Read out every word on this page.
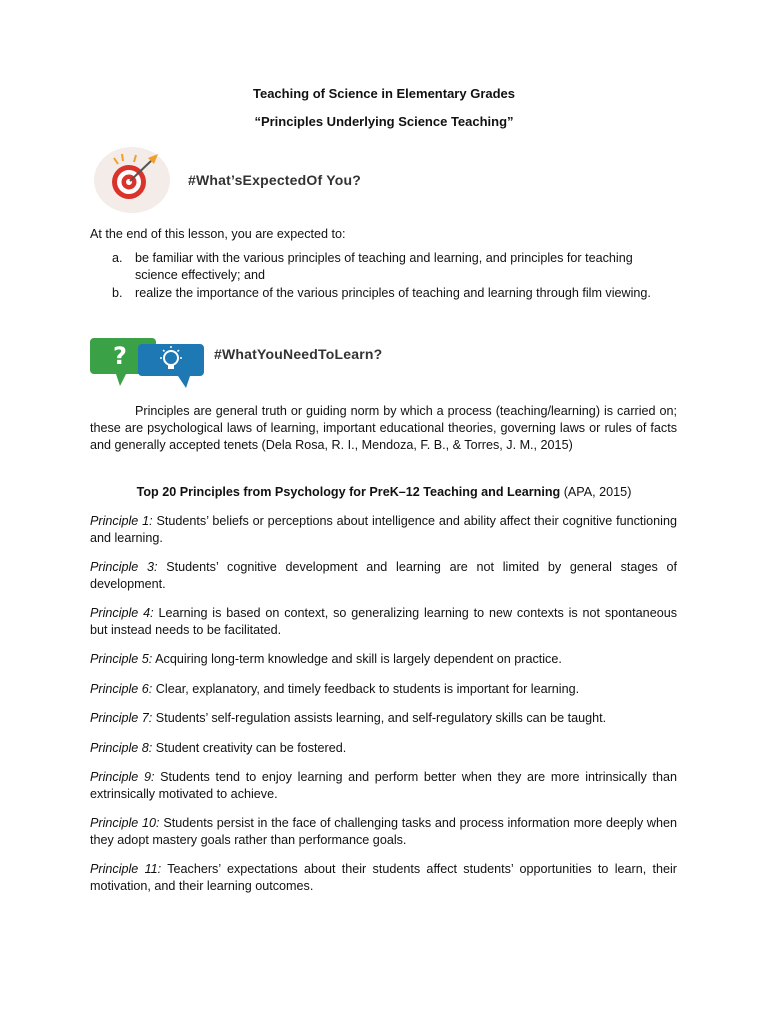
Teaching of Science in Elementary Grades
“Principles Underlying Science Teaching”
#What’sExpectedOf You?
At the end of this lesson, you are expected to:
a. be familiar with the various principles of teaching and learning, and principles for teaching science effectively; and
b. realize the importance of the various principles of teaching and learning through film viewing.
?	#WhatYouNeedToLearn?
Principles are general truth or guiding norm by which a process (teaching/learning) is carried on; these are psychological laws of learning, important educational theories, governing laws or rules of facts and generally accepted tenets (Dela Rosa, R. I., Mendoza, F. B., & Torres, J. M., 2015)
Top 20 Principles from Psychology for PreK–12 Teaching and Learning (APA, 2015)

Principle 1: Students’ beliefs or perceptions about intelligence and ability affect their cognitive functioning and learning.

Principle 3: Students’ cognitive development and learning are not limited by general stages of development.

Principle 4: Learning is based on context, so generalizing learning to new contexts is not spontaneous but instead needs to be facilitated.

Principle 5: Acquiring long-term knowledge and skill is largely dependent on practice.

Principle 6: Clear, explanatory, and timely feedback to students is important for learning.

Principle 7: Students’ self-regulation assists learning, and self-regulatory skills can be taught.

Principle 8: Student creativity can be fostered.

Principle 9: Students tend to enjoy learning and perform better when they are more intrinsically than extrinsically motivated to achieve.

Principle 10: Students persist in the face of challenging tasks and process information more deeply when they adopt mastery goals rather than performance goals.

Principle 11: Teachers’ expectations about their students affect students’ opportunities to learn, their motivation, and their learning outcomes.
